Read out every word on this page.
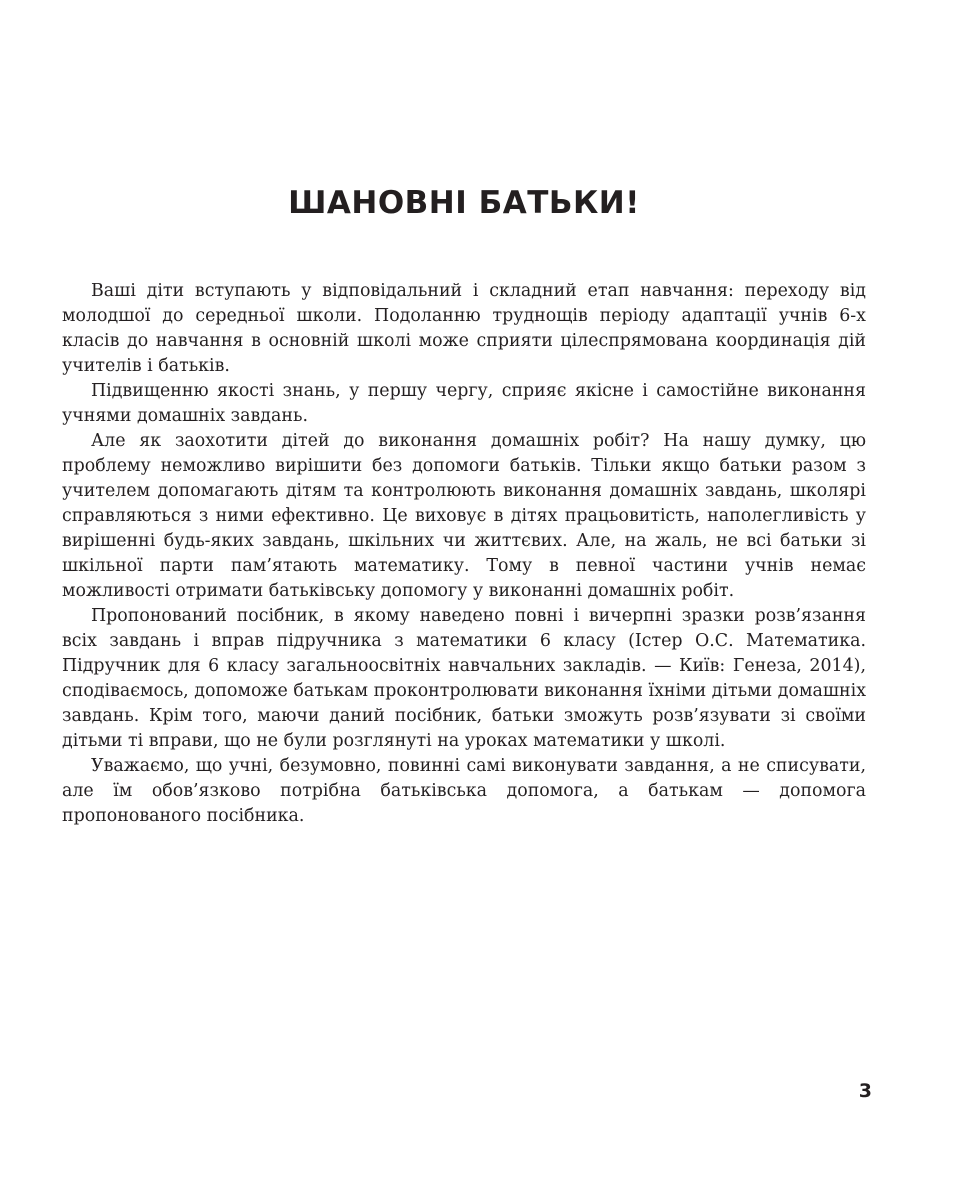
ШАНОВНІ БАТЬКИ!

Ваші діти вступають у відповідальний і складний етап навчання: переходу від молодшої до середньої школи. Подоланню труднощів періоду адаптації учнів 6-х класів до навчання в основній школі може сприяти цілеспрямована координація дій учителів і батьків.

Підвищенню якості знань, у першу чергу, сприяє якісне і самостійне виконання учнями домашніх завдань.

Але як заохотити дітей до виконання домашніх робіт? На нашу думку, цю проблему неможливо вирішити без допомоги батьків. Тільки якщо батьки разом з учителем допомагають дітям та контролюють виконання домашніх завдань, школярі справляються з ними ефективно. Це виховує в дітях працьовитість, наполегливість у вирішенні будь-яких завдань, шкільних чи життєвих. Але, на жаль, не всі батьки зі шкільної парти пам’ятають математику. Тому в певної частини учнів немає можливості отримати батьківську допомогу у виконанні домашніх робіт.

Пропонований посібник, в якому наведено повні і вичерпні зразки розв’язання всіх завдань і вправ підручника з математики 6 класу (Істер О.С. Математика. Підручник для 6 класу загальноосвітніх навчальних закладів. — Київ: Генеза, 2014), сподіваємось, допоможе батькам проконтролювати виконання їхніми дітьми домашніх завдань. Крім того, маючи даний посібник, батьки зможуть розв’язувати зі своїми дітьми ті вправи, що не були розглянуті на уроках математики у школі.

Уважаємо, що учні, безумовно, повинні самі виконувати завдання, а не списувати, але їм обов’язково потрібна батьківська допомога, а батькам — допомога пропонованого посібника.

3
